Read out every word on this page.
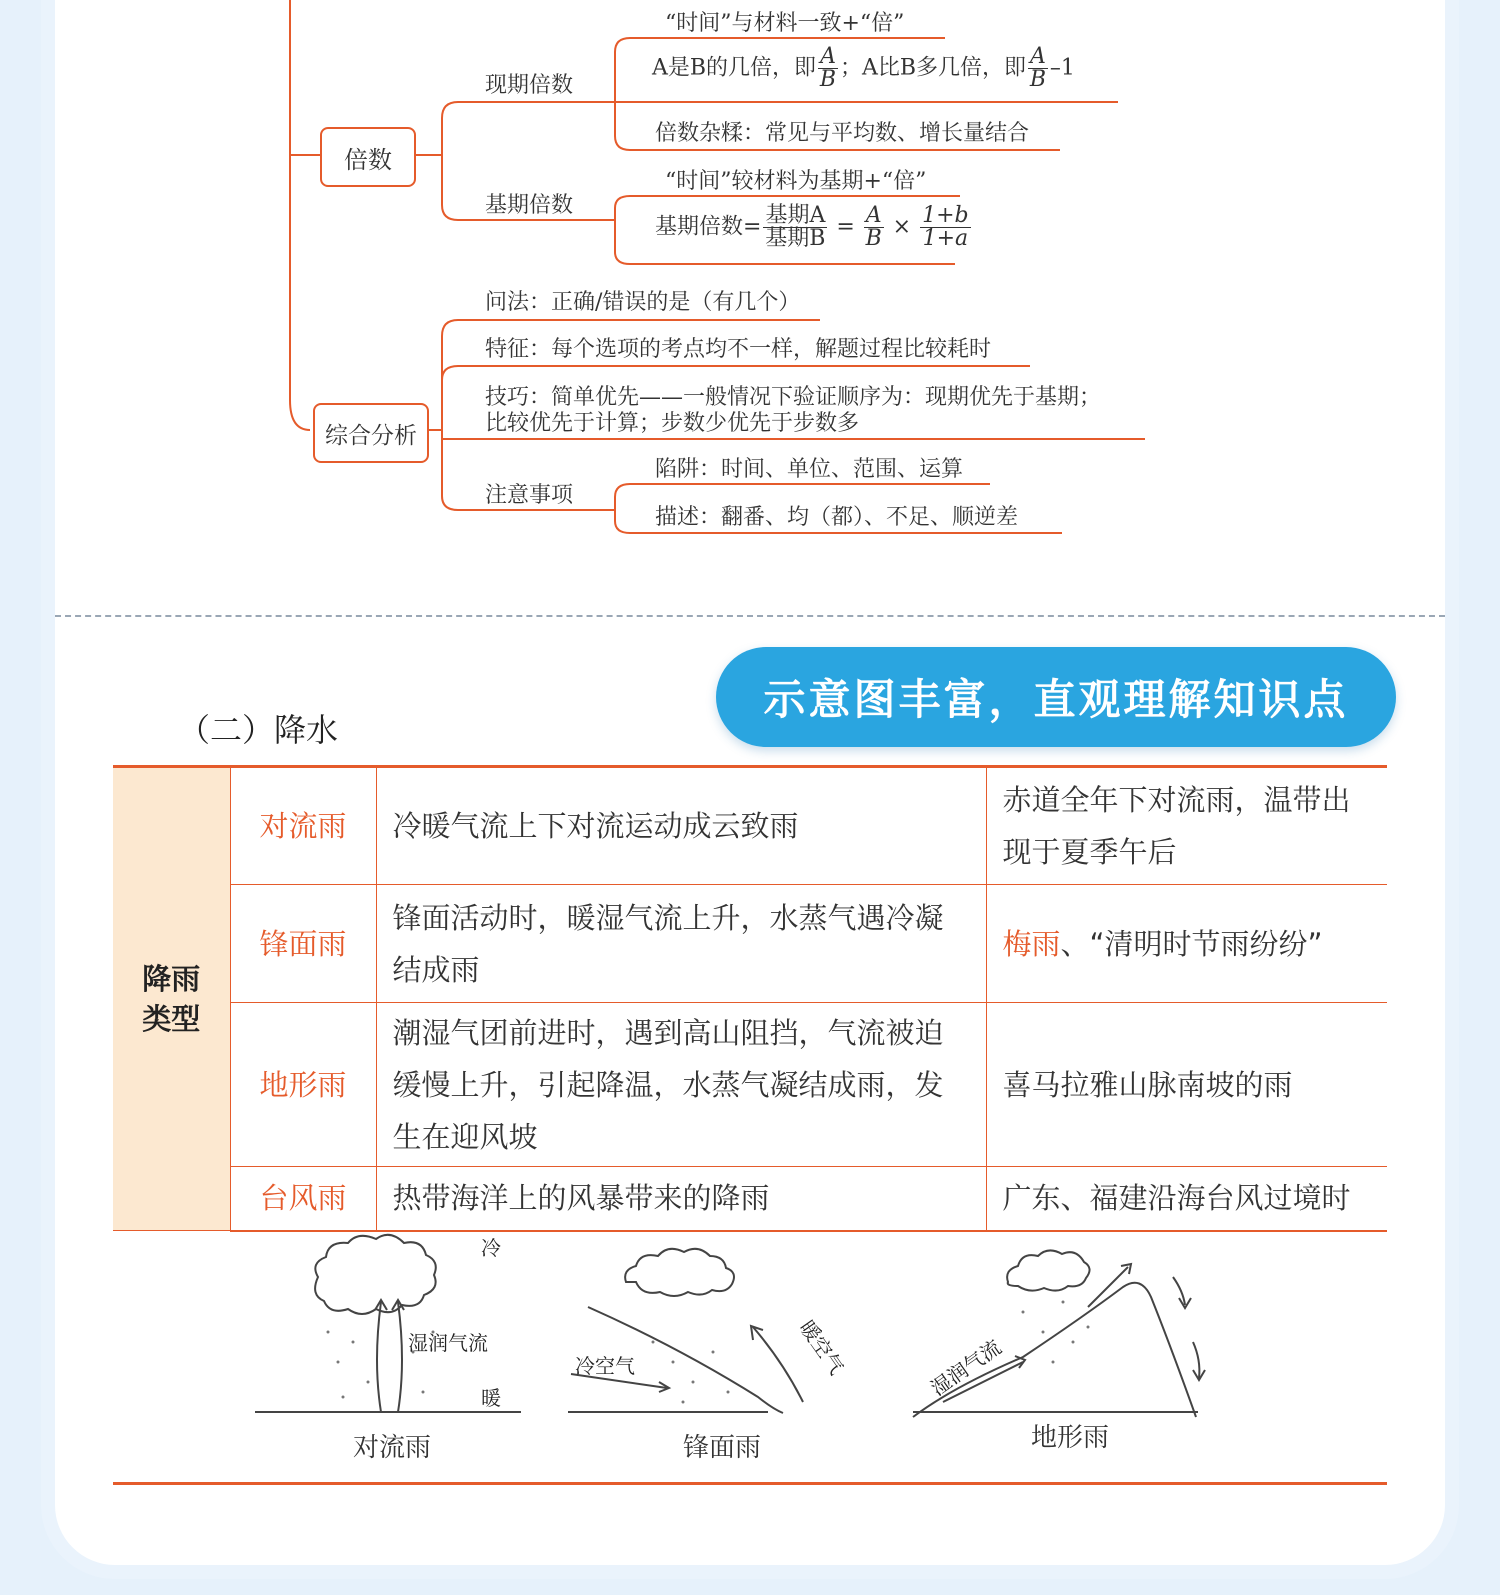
倍数
综合分析
现期倍数
基期倍数
“时间”与材料一致+“倍”
A是B的几倍，即 $\frac{A}{B}$ ；A比B多几倍，即 $\frac{A}{B} -1$
倍数杂糅：常见与平均数、增长量结合
“时间”较材料为基期+“倍”
基期倍数= $\frac{\text{基期A}}{\text{基期B}} = \frac{A}{B} \times \frac{1+b}{1+a}$
问法：正确/错误的是（有几个）
特征：每个选项的考点均不一样，解题过程比较耗时
技巧：简单优先——一般情况下验证顺序为：现期优先于基期；
比较优先于计算；步数少优先于步数多
注意事项
陷阱：时间、单位、范围、运算
描述：翻番、均（都）、不足、顺逆差
示意图丰富，直观理解知识点
（二）降水
降雨
类型	对流雨	冷暖气流上下对流运动成云致雨	赤道全年下对流雨，温带出现于夏季午后
	锋面雨	锋面活动时，暖湿气流上升，水蒸气遇冷凝结成雨	梅雨、“清明时节雨纷纷”
	地形雨	潮湿气团前进时，遇到高山阻挡，气流被迫缓慢上升，引起降温，水蒸气凝结成雨，发生在迎风坡	喜马拉雅山脉南坡的雨
	台风雨	热带海洋上的风暴带来的降雨	广东、福建沿海台风过境时
冷
湿润气流
暖
冷空气	暖空气	湿润气流
对流雨	锋面雨	地形雨
